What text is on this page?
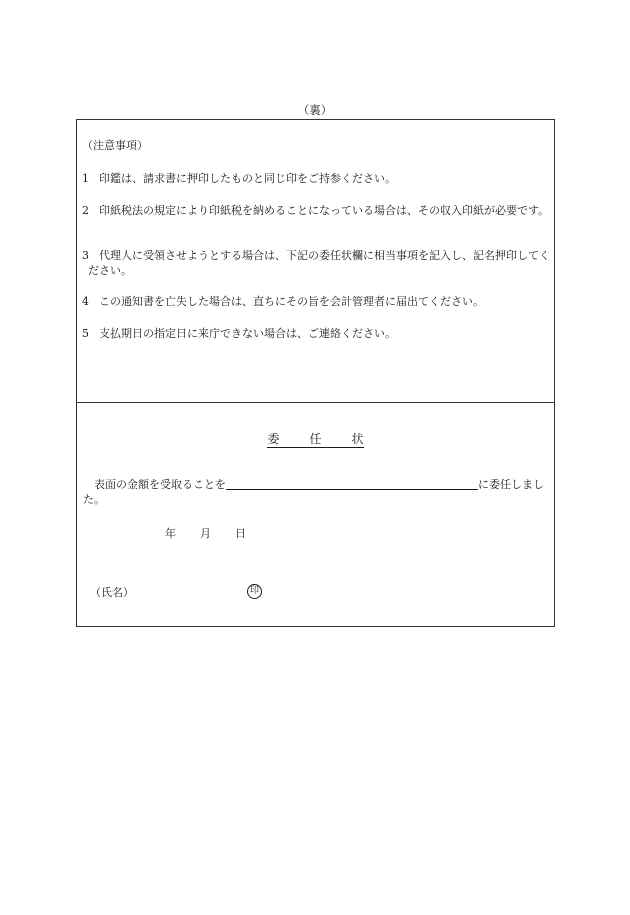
（裏）
（注意事項）
1 印鑑は、請求書に押印したものと同じ印をご持参ください。
2 印紙税法の規定により印紙税を納めることになっている場合は、その収入印紙が必要です。
3 代理人に受領させようとする場合は、下記の委任状欄に相当事項を記入し、記名押印してください。
4 この通知書を亡失した場合は、直ちにその旨を会計管理者に届出てください。
5 支払期日の指定日に来庁できない場合は、ご連絡ください。
委	任	状
表面の金額を受取ることを	に委任しました。
年 月 日
（氏名）	印
